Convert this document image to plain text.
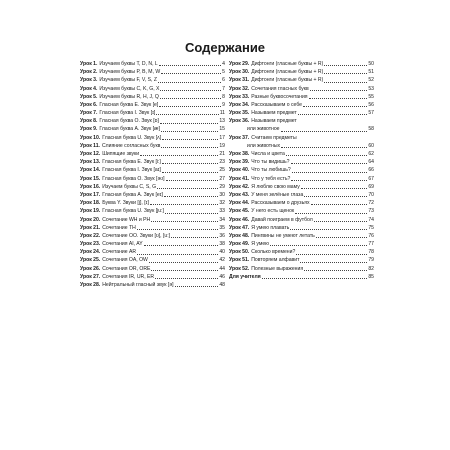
Содержание
Урок 1. Изучаем буквы T, D, N, L	4
Урок 2. Изучаем буквы P, B, M, W	5
Урок 3. Изучаем буквы F, V, S, Z	6
Урок 4. Изучаем буквы C, K, G, X	7
Урок 5. Изучаем буквы R, H, J, Q	8
Урок 6. Гласная буква E. Звук [e]	9
Урок 7. Гласная буква I. Звук [ɪ]	11
Урок 8. Гласная буква O. Звук [ɒ]	13
Урок 9. Гласная буква A. Звук [æ]	15
Урок 10. Гласная буква U. Звук [ʌ]	17
Урок 11. Слияние согласных букв	19
Урок 12. Шипящие звуки	21
Урок 13. Гласная буква E. Звук [i:]	23
Урок 14. Гласная буква I. Звук [aɪ]	25
Урок 15. Гласная буква O. Звук [əʊ]	27
Урок 16. Изучаем буквы C, S, G	29
Урок 17. Гласная буква A. Звук [eɪ]	30
Урок 18. Буква Y. Звуки [j], [ɪ]	32
Урок 19. Гласная буква U. Звук [ju:]	33
Урок 20. Сочетание WH и PH	34
Урок 21. Сочетание TH	35
Урок 22. Сочетание OO. Звуки [ʊ], [u:]	36
Урок 23. Сочетания AI, AY	38
Урок 24. Сочетание AR	40
Урок 25. Сочетания OA, OW	42
Урок 26. Сочетания OR, ORE	44
Урок 27. Сочетания IR, UR, ER	46
Урок 28. Нейтральный гласный звук [ə]	48
Урок 29. Дифтонги (гласные буквы + R)	50
Урок 30. Дифтонги (гласные буквы + R)	51
Урок 31. Дифтонги (гласные буквы + R)	52
Урок 32. Сочетания гласных букв	53
Урок 33. Разные буквосочетания	55
Урок 34. Рассказываем о себе	56
Урок 35. Называем предмет	57
Урок 36. Называем предмет
или животное	58
Урок 37. Считаем предметы
или животных	60
Урок 38. Числа и цвета	62
Урок 39. Что ты видишь?	64
Урок 40. Что ты любишь?	66
Урок 41. Что у тебя есть?	67
Урок 42. Я люблю свою маму	69
Урок 43. У меня зелёные глаза	70
Урок 44. Рассказываем о друзьях	72
Урок 45. У него есть щенок	73
Урок 46. Давай поиграем в футбол	74
Урок 47. Я умею плавать	75
Урок 48. Пингвины не умеют летать	76
Урок 49. Я умею	77
Урок 50. Сколько времени?	78
Урок 51. Повторяем алфавит	79
Урок 52. Полезные выражения	82
Для учителя	85
